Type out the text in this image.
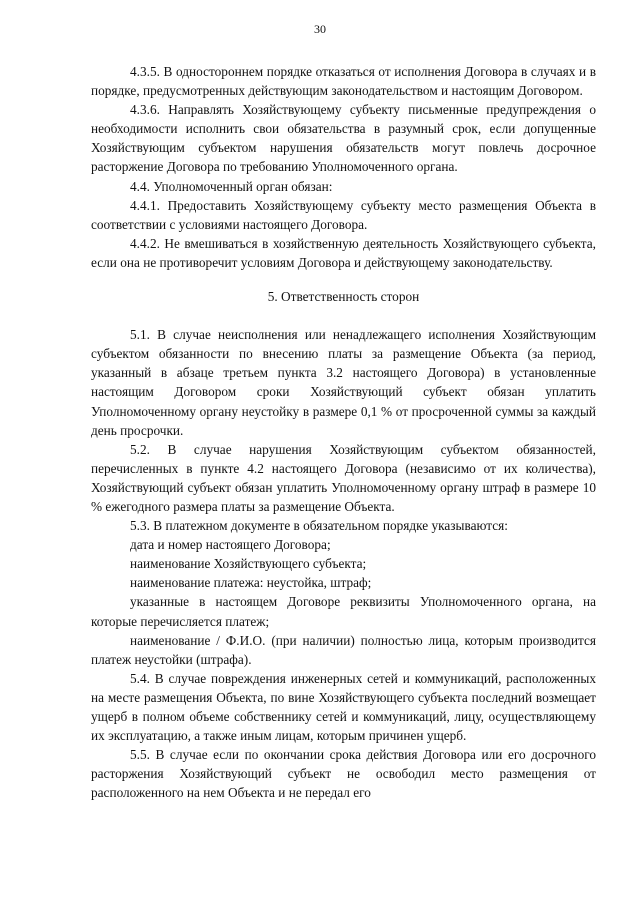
30

4.3.5. В одностороннем порядке отказаться от исполнения Договора в случаях и в порядке, предусмотренных действующим законодательством и настоящим Договором.

4.3.6. Направлять Хозяйствующему субъекту письменные предупреждения о необходимости исполнить свои обязательства в разумный срок, если допущенные Хозяйствующим субъектом нарушения обязательств могут повлечь досрочное расторжение Договора по требованию Уполномоченного органа.

4.4. Уполномоченный орган обязан:

4.4.1. Предоставить Хозяйствующему субъекту место размещения Объекта в соответствии с условиями настоящего Договора.

4.4.2. Не вмешиваться в хозяйственную деятельность Хозяйствующего субъекта, если она не противоречит условиям Договора и действующему законодательству.

5. Ответственность сторон

5.1. В случае неисполнения или ненадлежащего исполнения Хозяйствующим субъектом обязанности по внесению платы за размещение Объекта (за период, указанный в абзаце третьем пункта 3.2 настоящего Договора) в установленные настоящим Договором сроки Хозяйствующий субъект обязан уплатить Уполномоченному органу неустойку в размере 0,1 % от просроченной суммы за каждый день просрочки.

5.2. В случае нарушения Хозяйствующим субъектом обязанностей, перечисленных в пункте 4.2 настоящего Договора (независимо от их количества), Хозяйствующий субъект обязан уплатить Уполномоченному органу штраф в размере 10 % ежегодного размера платы за размещение Объекта.

5.3. В платежном документе в обязательном порядке указываются:

дата и номер настоящего Договора;

наименование Хозяйствующего субъекта;

наименование платежа: неустойка, штраф;

указанные в настоящем Договоре реквизиты Уполномоченного органа, на которые перечисляется платеж;

наименование / Ф.И.О. (при наличии) полностью лица, которым производится платеж неустойки (штрафа).

5.4. В случае повреждения инженерных сетей и коммуникаций, расположенных на месте размещения Объекта, по вине Хозяйствующего субъекта последний возмещает ущерб в полном объеме собственнику сетей и коммуникаций, лицу, осуществляющему их эксплуатацию, а также иным лицам, которым причинен ущерб.

5.5. В случае если по окончании срока действия Договора или его досрочного расторжения Хозяйствующий субъект не освободил место размещения от расположенного на нем Объекта и не передал его
